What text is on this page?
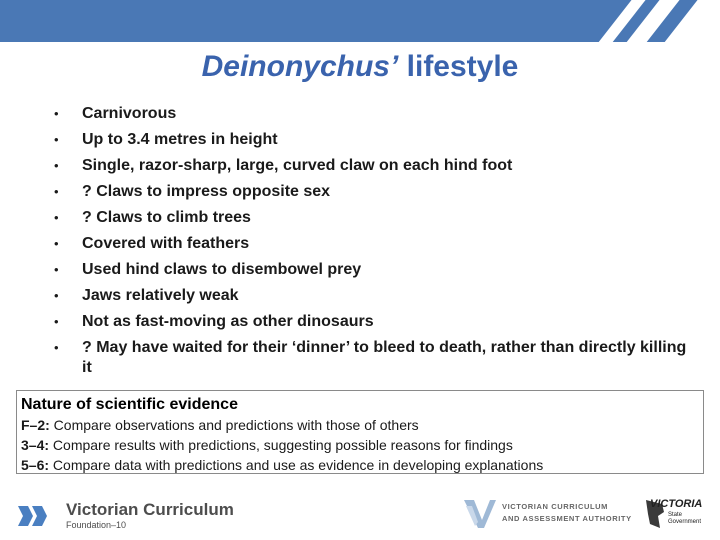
Deinonychus’ lifestyle
• Carnivorous
• Up to 3.4 metres in height
• Single, razor-sharp, large, curved claw on each hind foot
• ? Claws to impress opposite sex
• ? Claws to climb trees
• Covered with feathers
• Used hind claws to disembowel prey
• Jaws relatively weak
• Not as fast-moving as other dinosaurs
• ? May have waited for their ‘dinner’ to bleed to death, rather than directly killing it
Nature of scientific evidence
F–2: Compare observations and predictions with those of others
3–4: Compare results with predictions, suggesting possible reasons for findings
5–6: Compare data with predictions and use as evidence in developing explanations
Victorian Curriculum
Foundation–10
VICTORIAN CURRICULUM
AND ASSESSMENT AUTHORITY
VICTORIA
State Government
